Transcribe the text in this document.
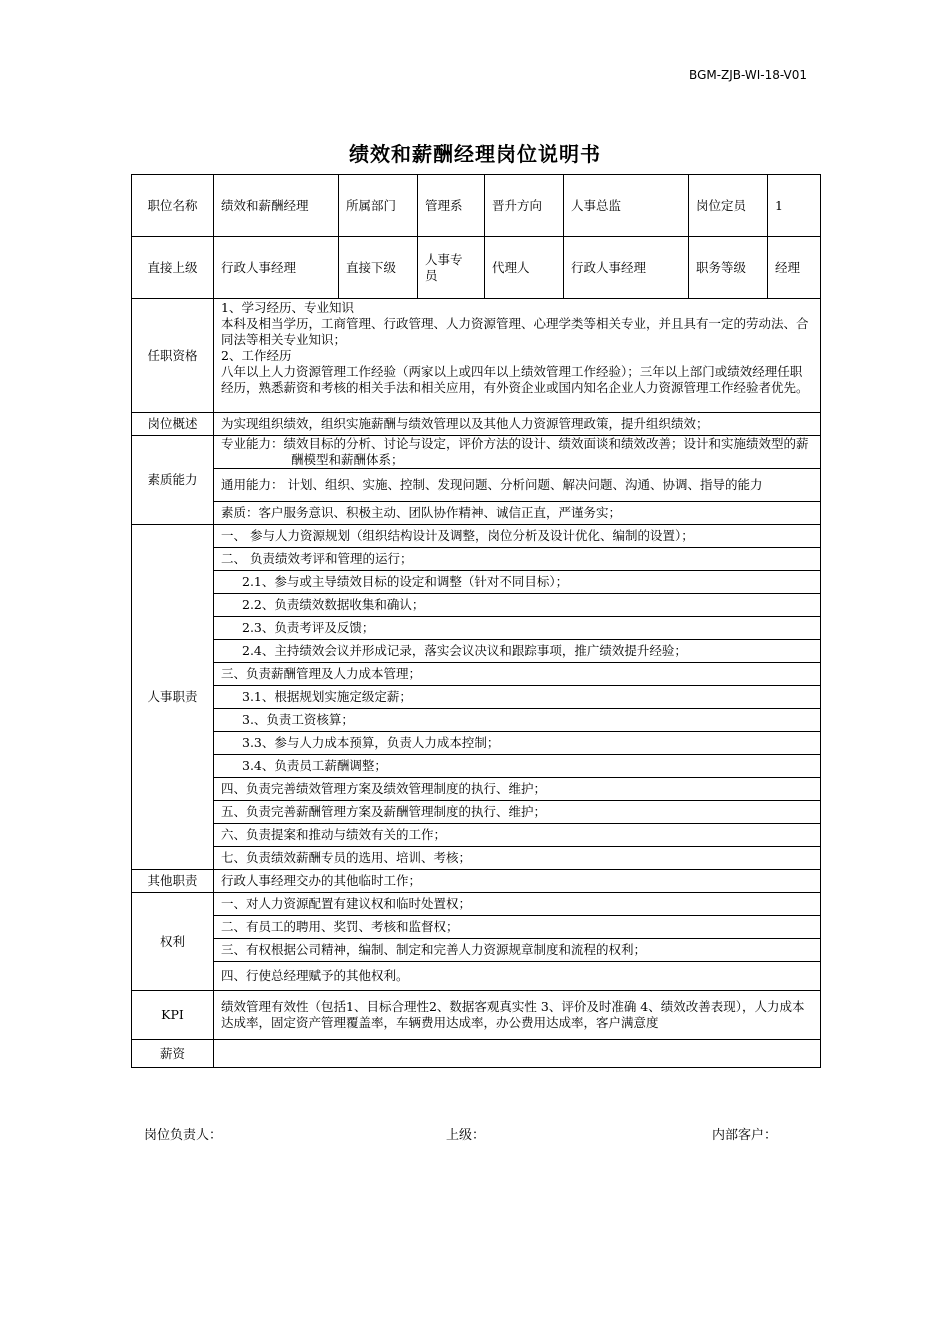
BGM-ZJB-WI-18-V01
绩效和薪酬经理岗位说明书
职位名称	绩效和薪酬经理	所属部门	管理系	晋升方向	人事总监	岗位定员	1
直接上级	行政人事经理	直接下级	人事专员	代理人	行政人事经理	职务等级	经理
任职资格	1、学习经历、专业知识
本科及相当学历，工商管理、行政管理、人力资源管理、心理学类等相关专业，并且具有一定的劳动法、合同法等相关专业知识；
2、工作经历
八年以上人力资源管理工作经验（两家以上或四年以上绩效管理工作经验）；三年以上部门或绩效经理任职经历，熟悉薪资和考核的相关手法和相关应用，有外资企业或国内知名企业人力资源管理工作经验者优先。						

岗位概述	为实现组织绩效，组织实施薪酬与绩效管理以及其他人力资源管理政策，提升组织绩效；						
素质能力	专业能力：绩效目标的分析、讨论与设定，评价方法的设计、绩效面谈和绩效改善；设计和实施绩效型的薪酬模型和薪酬体系；						

	通用能力： 计划、组织、实施、控制、发现问题、分析问题、解决问题、沟通、协调、指导的能力						

	素质：客户服务意识、积极主动、团队协作精神、诚信正直，严谨务实；						
人事职责	一、 参与人力资源规划（组织结构设计及调整，岗位分析及设计优化、编制的设置）；						
	二、 负责绩效考评和管理的运行；						
	2.1、参与或主导绩效目标的设定和调整（针对不同目标）；						
	2.2、负责绩效数据收集和确认；						
	2.3、负责考评及反馈；						
	2.4、主持绩效会议并形成记录，落实会议决议和跟踪事项，推广绩效提升经验；						
	三、负责薪酬管理及人力成本管理；						
	3.1、根据规划实施定级定薪；						
	3.、负责工资核算；						
	3.3、参与人力成本预算，负责人力成本控制；						
	3.4、负责员工薪酬调整；						
	四、负责完善绩效管理方案及绩效管理制度的执行、维护；						
	五、负责完善薪酬管理方案及薪酬管理制度的执行、维护；						
	六、负责提案和推动与绩效有关的工作；						
	七、负责绩效薪酬专员的选用、培训、考核；						
其他职责	行政人事经理交办的其他临时工作；						
权利	一、对人力资源配置有建议权和临时处置权；						
	二、有员工的聘用、奖罚、考核和监督权；						
	三、有权根据公司精神，编制、制定和完善人力资源规章制度和流程的权利；						
	四、行使总经理赋予的其他权利。						
KPI	绩效管理有效性（包括1、目标合理性2、数据客观真实性 3、评价及时准确 4、绩效改善表现），人力成本达成率，固定资产管理覆盖率，车辆费用达成率，办公费用达成率，客户满意度						
薪资							
岗位负责人：	上级：	内部客户：
